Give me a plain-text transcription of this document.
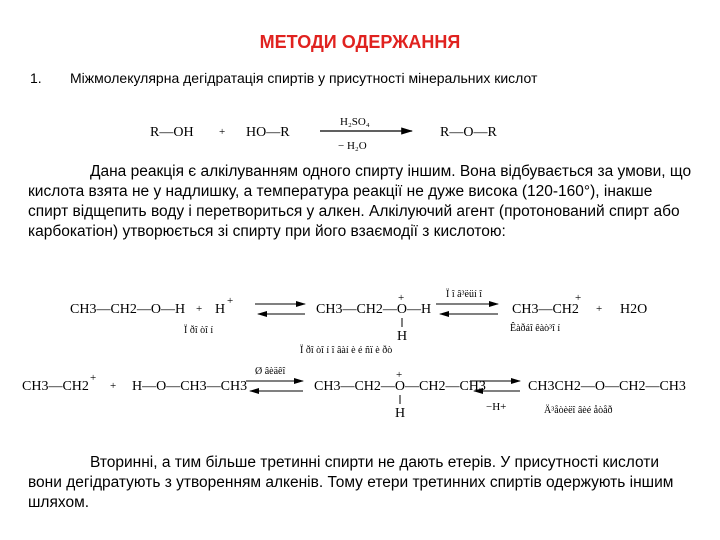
МЕТОДИ ОДЕРЖАННЯ
1. Міжмолекулярна дегідратація спиртів у присутності мінеральних кислот
R—OH + HO—R
H₂SO₄
− H₂O
R—O—R
CH3—CH2—O—H + H
+
Ï ðî òî í
CH3—CH2—O—H
+
H
Ï ðî òî í î âàí è é ñï è ðò
Ï î â³ëüí î
CH3—CH2
+
Êàðáî êàò³î í
+ H2O
CH3—CH2
+
+ H—O—CH3—CH3
Ø âèäêî
CH3—CH2—O—CH2—CH3
+
H	−H+
CH3CH2—O—CH2—CH3
Ä³åòèëî âèé åòåð
Дана реакція є алкілуванням одного спирту іншим. Вона відбувається за умови, що кислота взята не у надлишку, а температура реакції не дуже висока (120-160°), інакше спирт відщепить воду і перетвориться у алкен. Алкілуючий агент (протонований спирт або карбокатіон) утворюється зі спирту при його взаємодії з кислотою:
Вторинні, а тим більше третинні спирти не дають етерів. У присутності кислоти вони дегідратують з утворенням алкенів. Тому етери третинних спиртів одержують іншим шляхом.
